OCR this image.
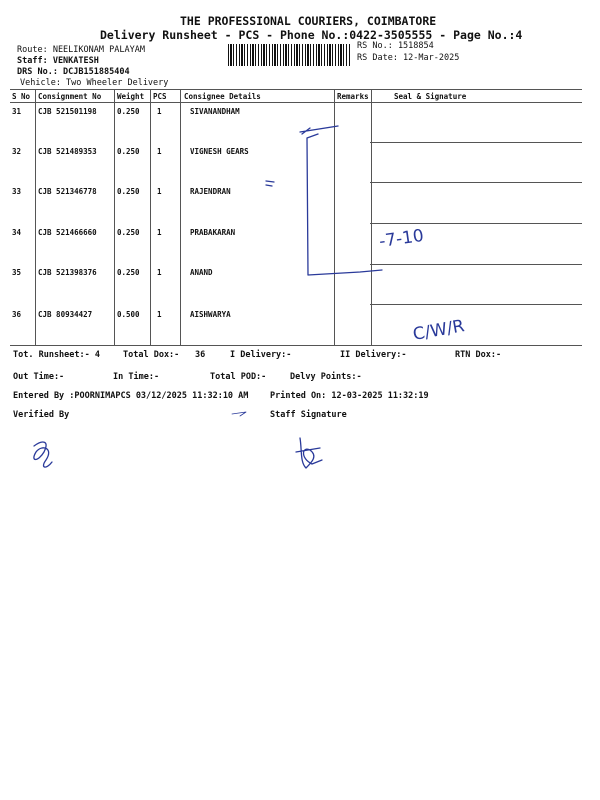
THE PROFESSIONAL COURIERS, COIMBATORE
Delivery Runsheet - PCS - Phone No.:0422-3505555 - Page No.:4
Route: NEELIKONAM PALAYAM
Staff: VENKATESH
DRS No.: DCJB151885404
Vehicle: Two Wheeler Delivery
RS No.: 1518854
RS Date: 12-Mar-2025
S No Consignment No Weight PCS Consignee Details	Remarks	Seal & Signature
31 CJB 521501198	0.250 1	SIVANANDHAM
32 CJB 521489353	0.250 1	VIGNESH GEARS
33 CJB 521346778	0.250 1	RAJENDRAN
34 CJB 521466660	0.250 1	PRABAKARAN
35 CJB 521398376	0.250 1	ANAND
36 CJB 80934427	0.500 1	AISHWARYA
Tot. Runsheet:- 4	Total Dox:- 36	I Delivery:-	II Delivery:-	RTN Dox:-
Out Time:-	In Time:-	Total POD:-	Delvy Points:-
Entered By :POORNIMAPCS 03/12/2025 11:32:10 AM	Printed On: 12-03-2025 11:32:19
Verified By	Staff Signature
-7-10
C/W/R
